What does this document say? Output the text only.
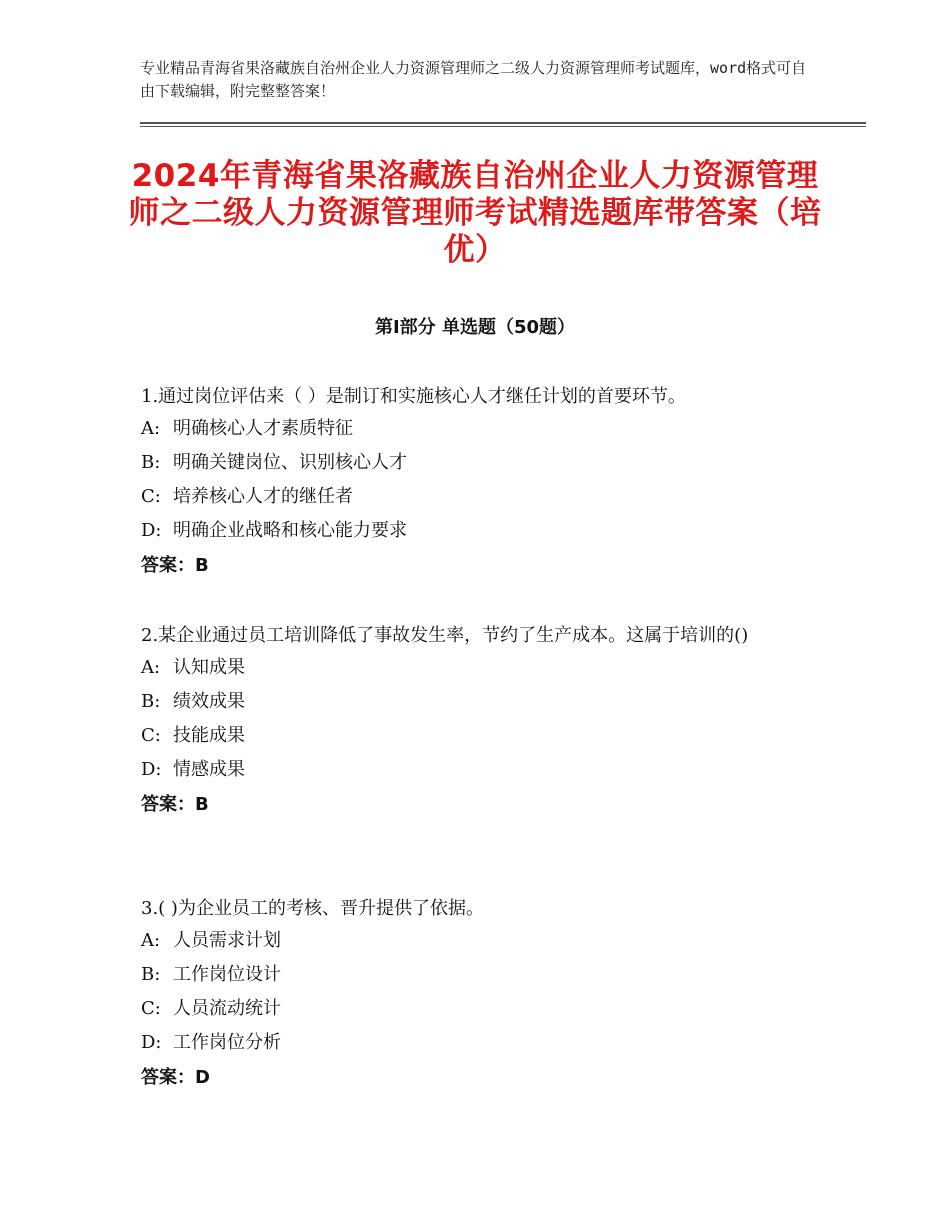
专业精品青海省果洛藏族自治州企业人力资源管理师之二级人力资源管理师考试题库，word格式可自由下载编辑，附完整整答案！
2024年青海省果洛藏族自治州企业人力资源管理师之二级人力资源管理师考试精选题库带答案（培优）
第Ⅰ部分 单选题（50题）

1.通过岗位评估来（ ）是制订和实施核心人才继任计划的首要环节。

A: 明确核心人才素质特征

B: 明确关键岗位、识别核心人才

C: 培养核心人才的继任者

D: 明确企业战略和核心能力要求

答案：B

2.某企业通过员工培训降低了事故发生率，节约了生产成本。这属于培训的()

A: 认知成果

B: 绩效成果

C: 技能成果

D: 情感成果

答案：B

3.( )为企业员工的考核、晋升提供了依据。

A: 人员需求计划

B: 工作岗位设计

C: 人员流动统计

D: 工作岗位分析

答案：D
